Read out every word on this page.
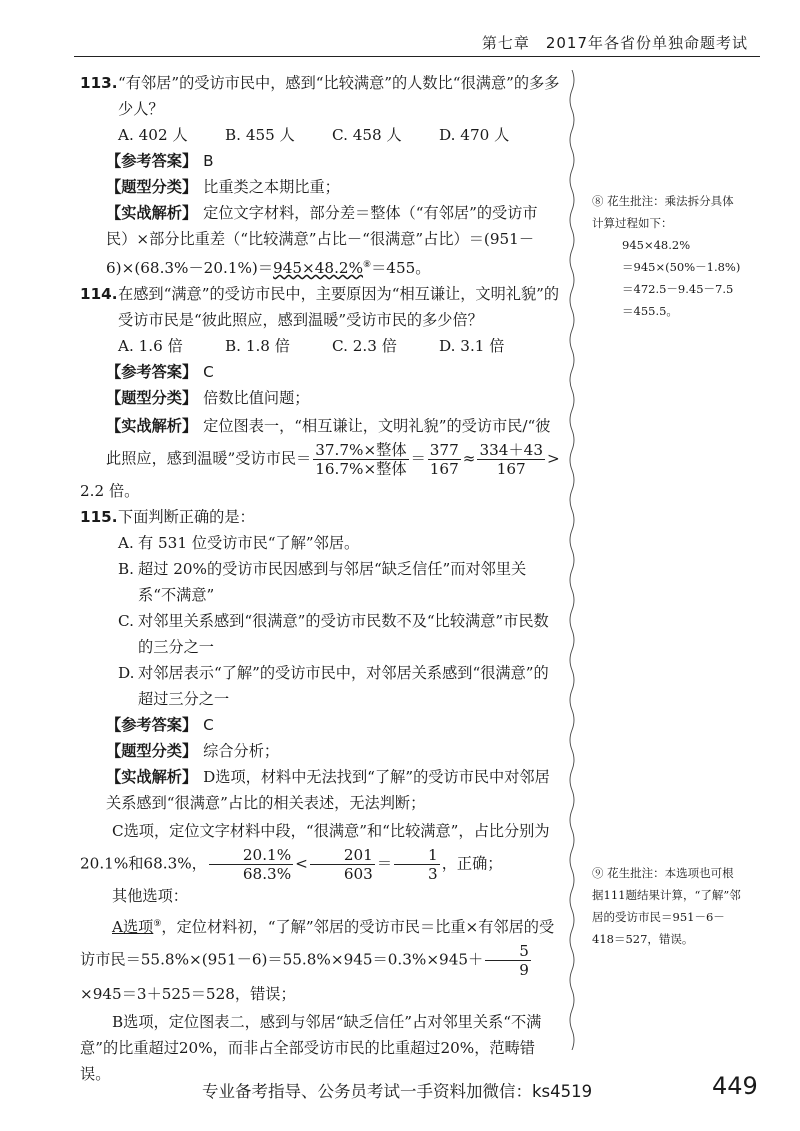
第七章　2017年各省份单独命题考试
113. “有邻居”的受访市民中，感到“比较满意”的人数比“很满意”的多多少人？
A. 402 人	B. 455 人	C. 458 人	D. 470 人
【参考答案】 B
【题型分类】 比重类之本期比重；
【实战解析】 定位文字材料，部分差＝整体（“有邻居”的受访市民）×部分比重差（“比较满意”占比－“很满意”占比）＝(951－6)×(68.3%－20.1%)＝945×48.2%⑧＝455。
114. 在感到“满意”的受访市民中，主要原因为“相互谦让，文明礼貌”的受访市民是“彼此照应，感到温暖”受访市民的多少倍？
A. 1.6 倍	B. 1.8 倍	C. 2.3 倍	D. 3.1 倍
【参考答案】 C
【题型分类】 倍数比值问题；
【实战解析】 定位图表一，“相互谦让，文明礼貌”的受访市民/“彼此照应，感到温暖”受访市民＝ $\frac{\text{37.7\%×整体}}{\text{16.7\%×整体}} = \frac{377}{167} \approx \frac{334+43}{167}$ >
2.2 倍。
115. 下面判断正确的是：
A. 有 531 位受访市民“了解”邻居。
B. 超过 20%的受访市民因感到与邻居“缺乏信任”而对邻里关系“不满意”
C. 对邻里关系感到“很满意”的受访市民数不及“比较满意”市民数的三分之一
D. 对邻居表示“了解”的受访市民中，对邻居关系感到“很满意”的超过三分之一
【参考答案】 C
【题型分类】 综合分析；
【实战解析】 D选项，材料中无法找到“了解”的受访市民中对邻居关系感到“很满意”占比的相关表述，无法判断；
C选项，定位文字材料中段，“很满意”和“比较满意”，占比分别为20.1%和68.3%， $\frac{20.1\%}{68.3\%} < \frac{201}{603} = \frac{1}{3}$ ，正确；
其他选项：
A选项⑨，定位材料初，“了解”邻居的受访市民＝比重×有邻居的受访市民$=55.8\%\times(951-6)=55.8\%\times 945=0.3\%\times 945+ \frac{5}{9}$
×945＝3＋525＝528，错误；
B选项，定位图表二，感到与邻居“缺乏信任”占对邻里关系“不满意”的比重超过20%，而非占全部受访市民的比重超过20%，范畴错误。
⑧ 花生批注：乘法拆分具体计算过程如下：
945×48.2%
＝945×(50%－1.8%)
＝472.5－9.45－7.5
＝455.5。
⑨ 花生批注：本选项也可根据111题结果计算，“了解”邻居的受访市民＝951－6－418＝527，错误。
专业备考指导、公务员考试一手资料加微信：ks4519	449
